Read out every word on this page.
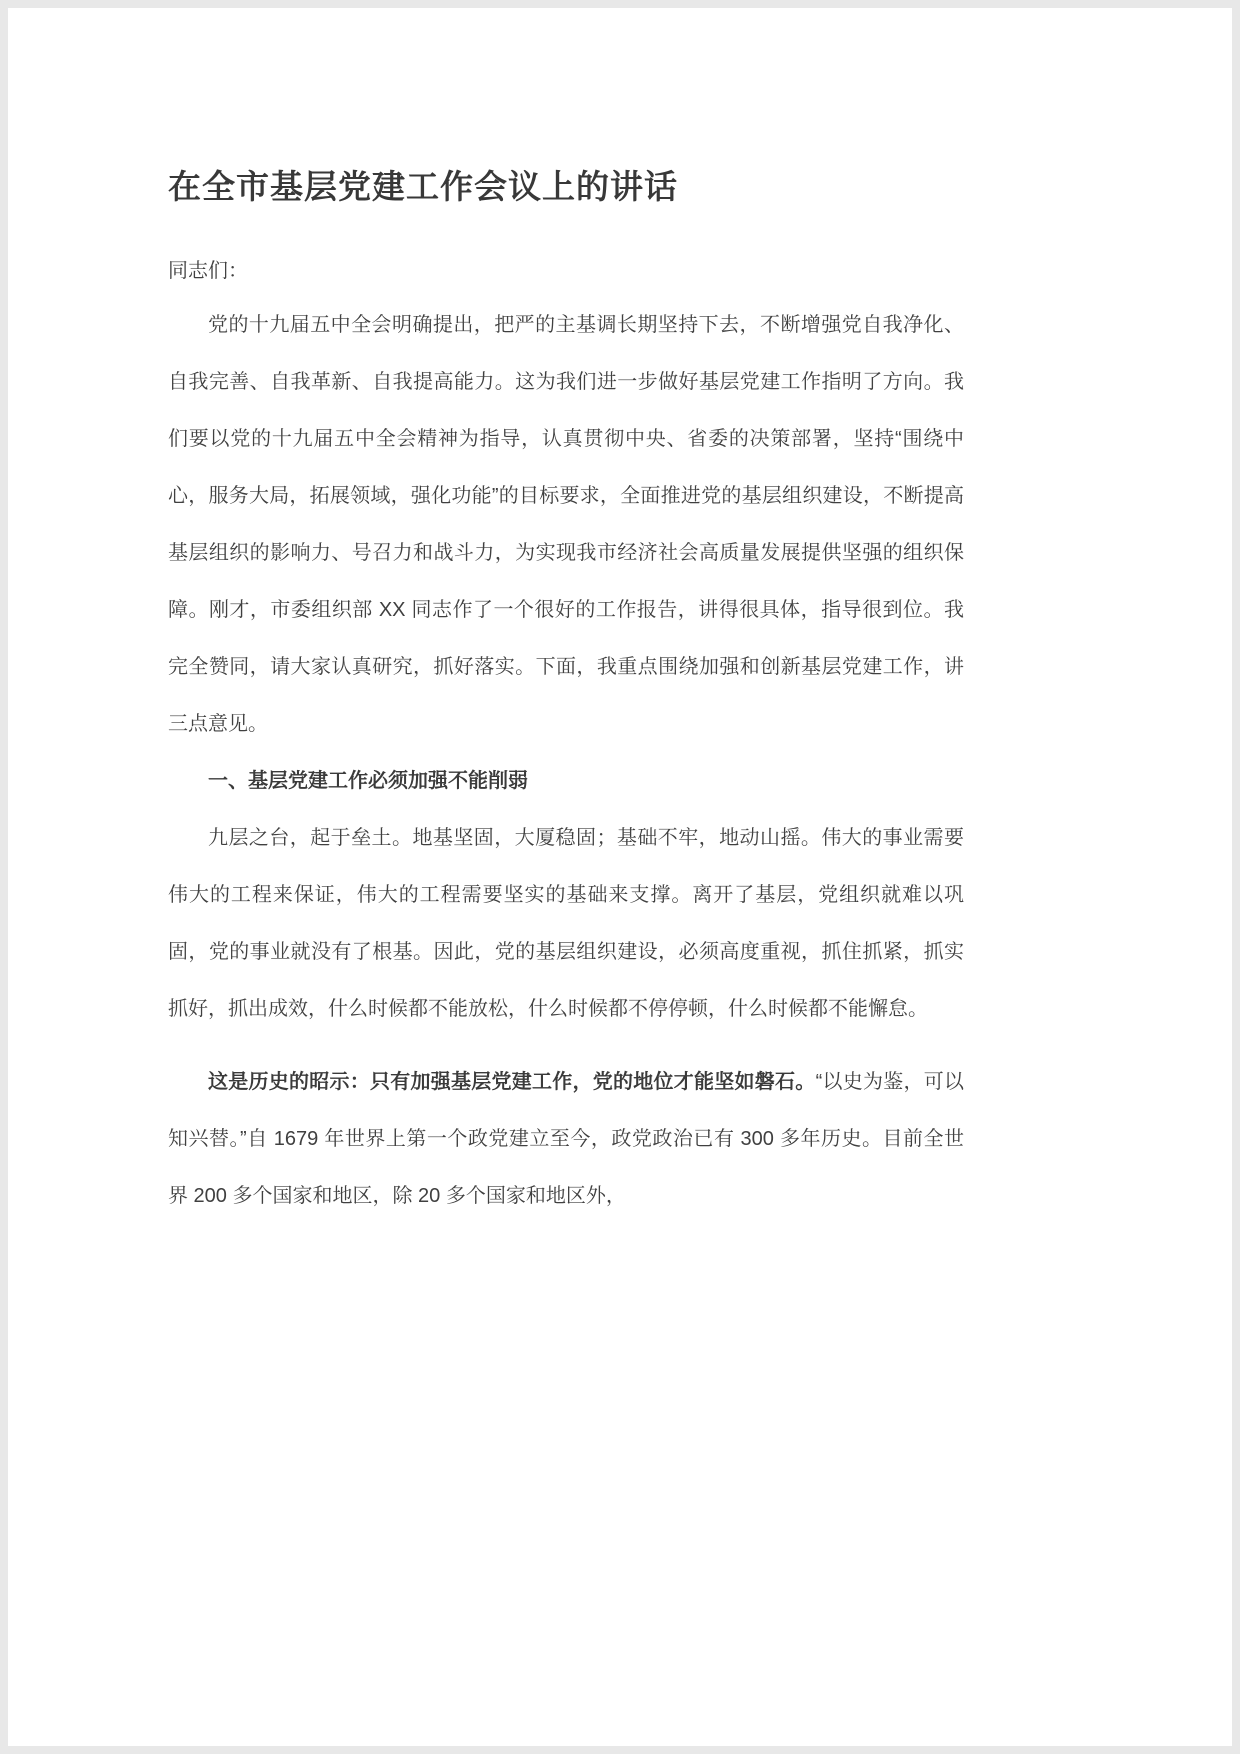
在全市基层党建工作会议上的讲话

同志们：

党的十九届五中全会明确提出，把严的主基调长期坚持下去，不断增强党自我净化、自我完善、自我革新、自我提高能力。这为我们进一步做好基层党建工作指明了方向。我们要以党的十九届五中全会精神为指导，认真贯彻中央、省委的决策部署，坚持“围绕中心，服务大局，拓展领域，强化功能”的目标要求，全面推进党的基层组织建设，不断提高基层组织的影响力、号召力和战斗力，为实现我市经济社会高质量发展提供坚强的组织保障。刚才，市委组织部 XX 同志作了一个很好的工作报告，讲得很具体，指导很到位。我完全赞同，请大家认真研究，抓好落实。下面，我重点围绕加强和创新基层党建工作，讲三点意见。

一、基层党建工作必须加强不能削弱

九层之台，起于垒土。地基坚固，大厦稳固；基础不牢，地动山摇。伟大的事业需要伟大的工程来保证，伟大的工程需要坚实的基础来支撑。离开了基层，党组织就难以巩固，党的事业就没有了根基。因此，党的基层组织建设，必须高度重视，抓住抓紧，抓实抓好，抓出成效，什么时候都不能放松，什么时候都不停停顿，什么时候都不能懈怠。

这是历史的昭示：只有加强基层党建工作，党的地位才能坚如磐石。“以史为鉴，可以知兴替。”自 1679 年世界上第一个政党建立至今，政党政治已有 300 多年历史。目前全世界 200 多个国家和地区，除 20 多个国家和地区外，
